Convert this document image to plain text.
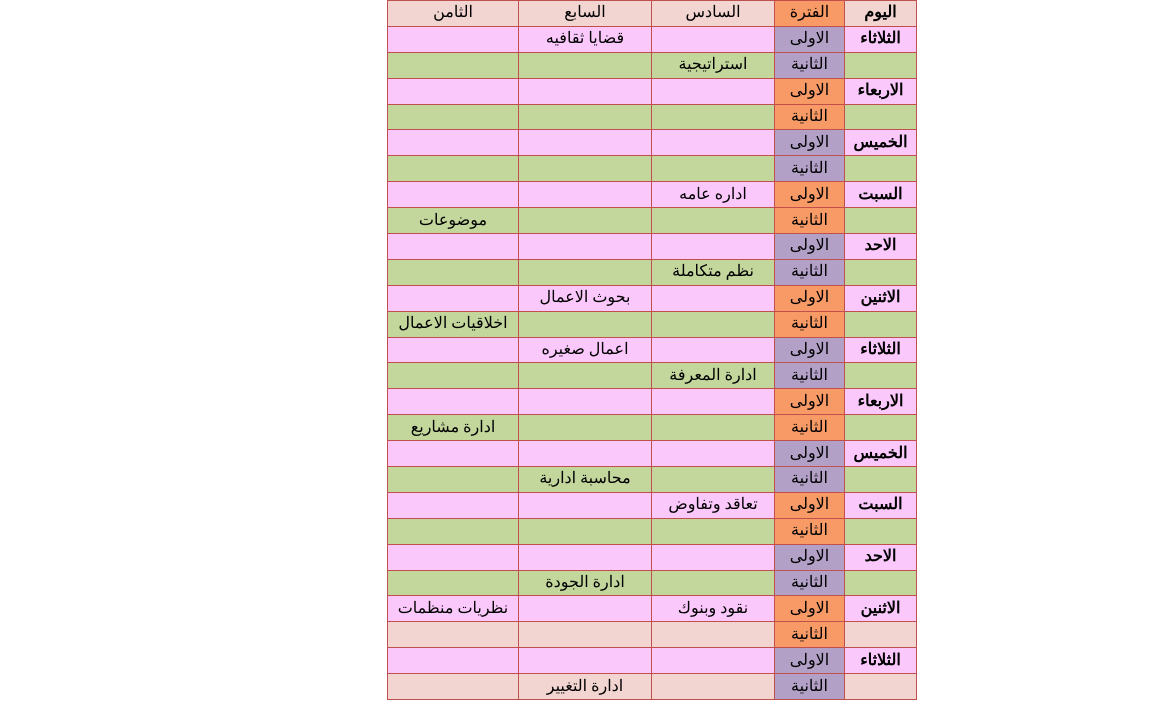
اليوم	الفترة	السادس	السابع	الثامن
الثلاثاء	الاولى		قضايا ثقافيه	
	الثانية	استراتيجية		
الاربعاء	الاولى			
	الثانية			
الخميس	الاولى			
	الثانية			
السبت	الاولى	اداره عامه		
	الثانية			موضوعات
الاحد	الاولى			
	الثانية	نظم متكاملة		
الاثنين	الاولى		بحوث الاعمال	
	الثانية			اخلاقيات الاعمال
الثلاثاء	الاولى		اعمال صغيره	
	الثانية	ادارة المعرفة		
الاربعاء	الاولى			
	الثانية			ادارة مشاريع
الخميس	الاولى			
	الثانية		محاسبة ادارية	
السبت	الاولى	تعاقد وتفاوض		
	الثانية			
الاحد	الاولى			
	الثانية		ادارة الجودة	
الاثنين	الاولى	نقود وبنوك		نظريات منظمات
	الثانية			
الثلاثاء	الاولى			
	الثانية		ادارة التغيير	
